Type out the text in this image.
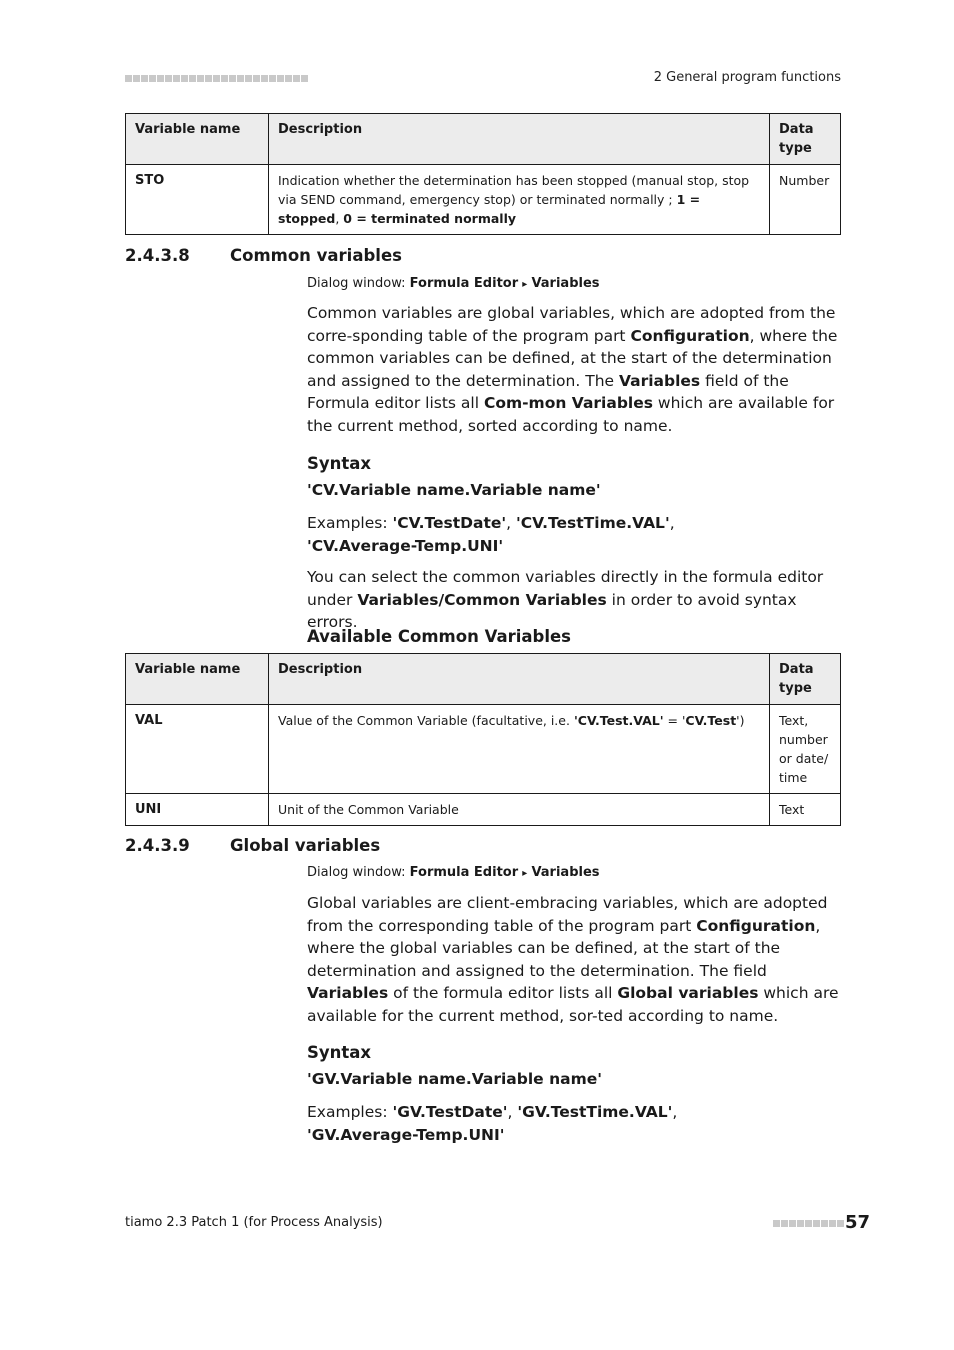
2 General program functions
Variable name	Description	Data
type
STO	Indication whether the determination has been stopped (manual stop, stop via SEND command, emergency stop) or terminated normally ; 1 = stopped, 0 = terminated normally	Number
2.4.3.8 Common variables
Dialog window: Formula Editor ▸ Variables
Common variables are global variables, which are adopted from the corre-sponding table of the program part Configuration, where the common variables can be defined, at the start of the determination and assigned to the determination. The Variables field of the Formula editor lists all Com-mon Variables which are available for the current method, sorted according to name.
Syntax
'CV.Variable name.Variable name'
Examples: 'CV.TestDate', 'CV.TestTime.VAL', 'CV.Average-Temp.UNI'
You can select the common variables directly in the formula editor under Variables/Common Variables in order to avoid syntax errors.
Available Common Variables
Variable name	Description	Data
type
VAL	Value of the Common Variable (facultative, i.e. 'CV.Test.VAL' = 'CV.Test')	Text,
number
or date/
time
UNI	Unit of the Common Variable	Text
2.4.3.9 Global variables
Dialog window: Formula Editor ▸ Variables
Global variables are client-embracing variables, which are adopted from the corresponding table of the program part Configuration, where the global variables can be defined, at the start of the determination and assigned to the determination. The field Variables of the formula editor lists all Global variables which are available for the current method, sor-ted according to name.
Syntax
'GV.Variable name.Variable name'
Examples: 'GV.TestDate', 'GV.TestTime.VAL', 'GV.Average-Temp.UNI'
tiamo 2.3 Patch 1 (for Process Analysis)	57
